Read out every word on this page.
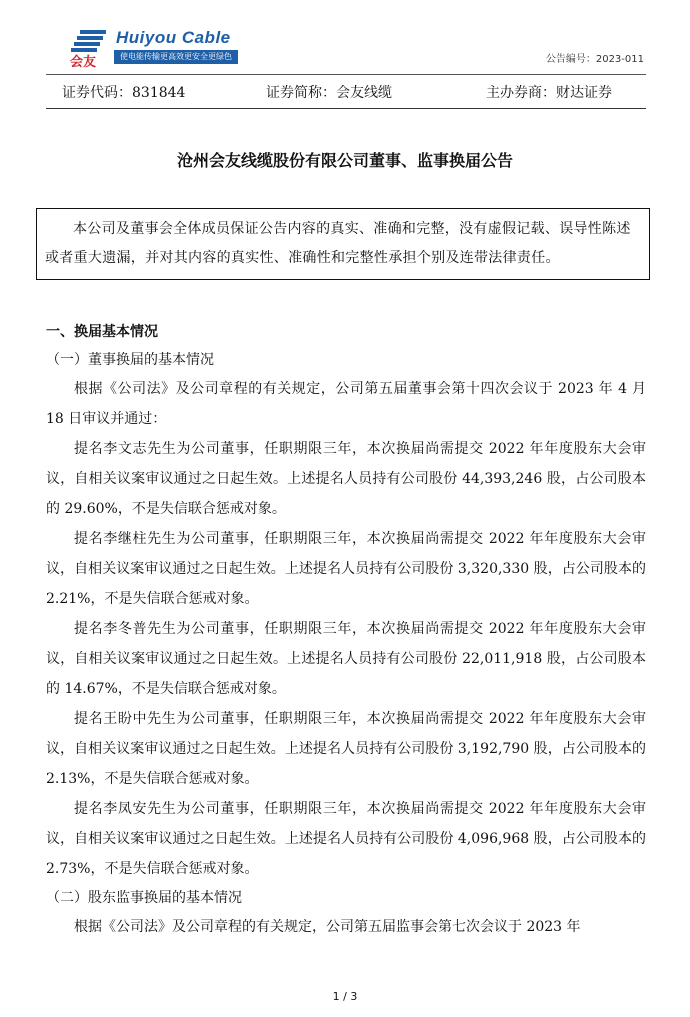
会友
Huiyou Cable
使电能传输更高效更安全更绿色	公告编号：2023-011
证券代码：831844	证券简称：会友线缆	主办券商：财达证券
沧州会友线缆股份有限公司董事、监事换届公告

本公司及董事会全体成员保证公告内容的真实、准确和完整，没有虚假记载、误导性陈述或者重大遗漏，并对其内容的真实性、准确性和完整性承担个别及连带法律责任。

一、换届基本情况

（一）董事换届的基本情况

根据《公司法》及公司章程的有关规定，公司第五届董事会第十四次会议于 2023 年 4 月 18 日审议并通过：

提名李文志先生为公司董事，任职期限三年，本次换届尚需提交 2022 年年度股东大会审议，自相关议案审议通过之日起生效。上述提名人员持有公司股份 44,393,246 股，占公司股本的 29.60%，不是失信联合惩戒对象。

提名李继柱先生为公司董事，任职期限三年，本次换届尚需提交 2022 年年度股东大会审议，自相关议案审议通过之日起生效。上述提名人员持有公司股份 3,320,330 股，占公司股本的 2.21%，不是失信联合惩戒对象。

提名李冬普先生为公司董事，任职期限三年，本次换届尚需提交 2022 年年度股东大会审议，自相关议案审议通过之日起生效。上述提名人员持有公司股份 22,011,918 股，占公司股本的 14.67%，不是失信联合惩戒对象。

提名王盼中先生为公司董事，任职期限三年，本次换届尚需提交 2022 年年度股东大会审议，自相关议案审议通过之日起生效。上述提名人员持有公司股份 3,192,790 股，占公司股本的 2.13%，不是失信联合惩戒对象。

提名李凤安先生为公司董事，任职期限三年，本次换届尚需提交 2022 年年度股东大会审议，自相关议案审议通过之日起生效。上述提名人员持有公司股份 4,096,968 股，占公司股本的 2.73%，不是失信联合惩戒对象。

（二）股东监事换届的基本情况

根据《公司法》及公司章程的有关规定，公司第五届监事会第七次会议于 2023 年

1 / 3
